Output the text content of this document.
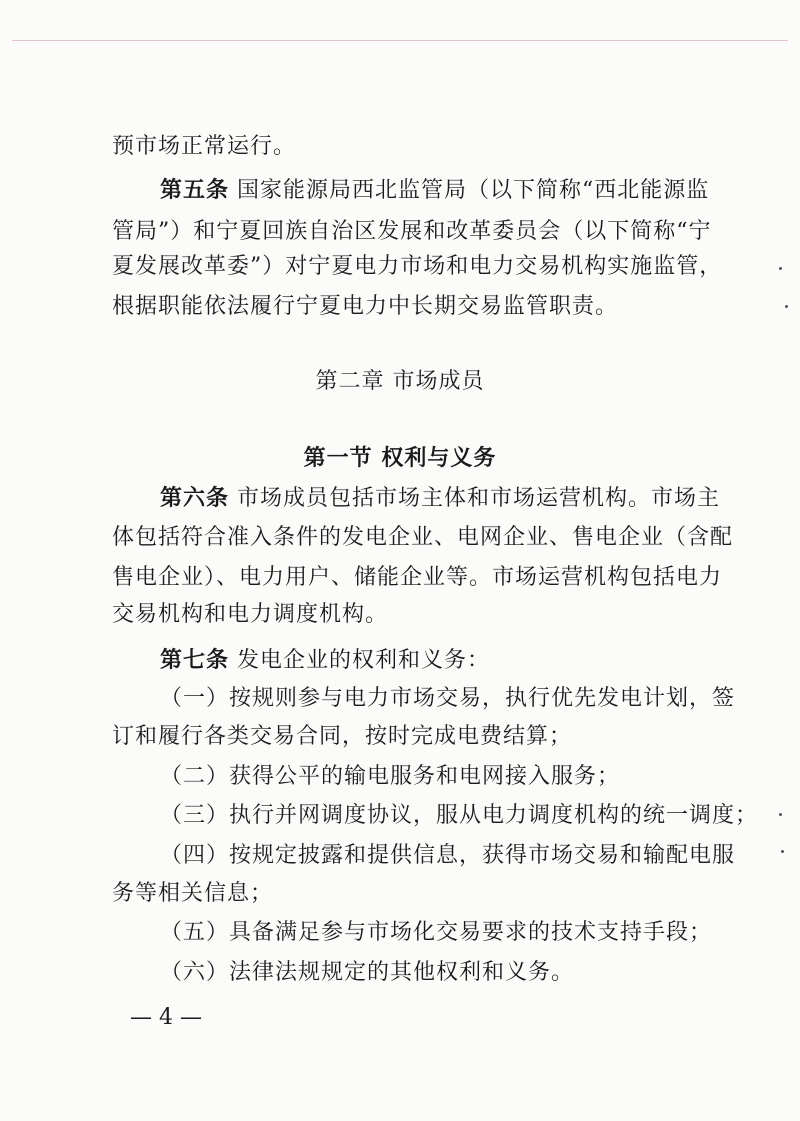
预市场正常运行。
第五条 国家能源局西北监管局（以下简称“西北能源监
管局”）和宁夏回族自治区发展和改革委员会（以下简称“宁
夏发展改革委”）对宁夏电力市场和电力交易机构实施监管，
根据职能依法履行宁夏电力中长期交易监管职责。
第二章 市场成员
第一节 权利与义务
第六条 市场成员包括市场主体和市场运营机构。市场主
体包括符合准入条件的发电企业、电网企业、售电企业（含配
售电企业）、电力用户、储能企业等。市场运营机构包括电力
交易机构和电力调度机构。
第七条 发电企业的权利和义务：
（一）按规则参与电力市场交易，执行优先发电计划，签
订和履行各类交易合同，按时完成电费结算；
（二）获得公平的输电服务和电网接入服务；
（三）执行并网调度协议，服从电力调度机构的统一调度；
（四）按规定披露和提供信息，获得市场交易和输配电服
务等相关信息；
（五）具备满足参与市场化交易要求的技术支持手段；
（六）法律法规规定的其他权利和义务。
— 4 —
